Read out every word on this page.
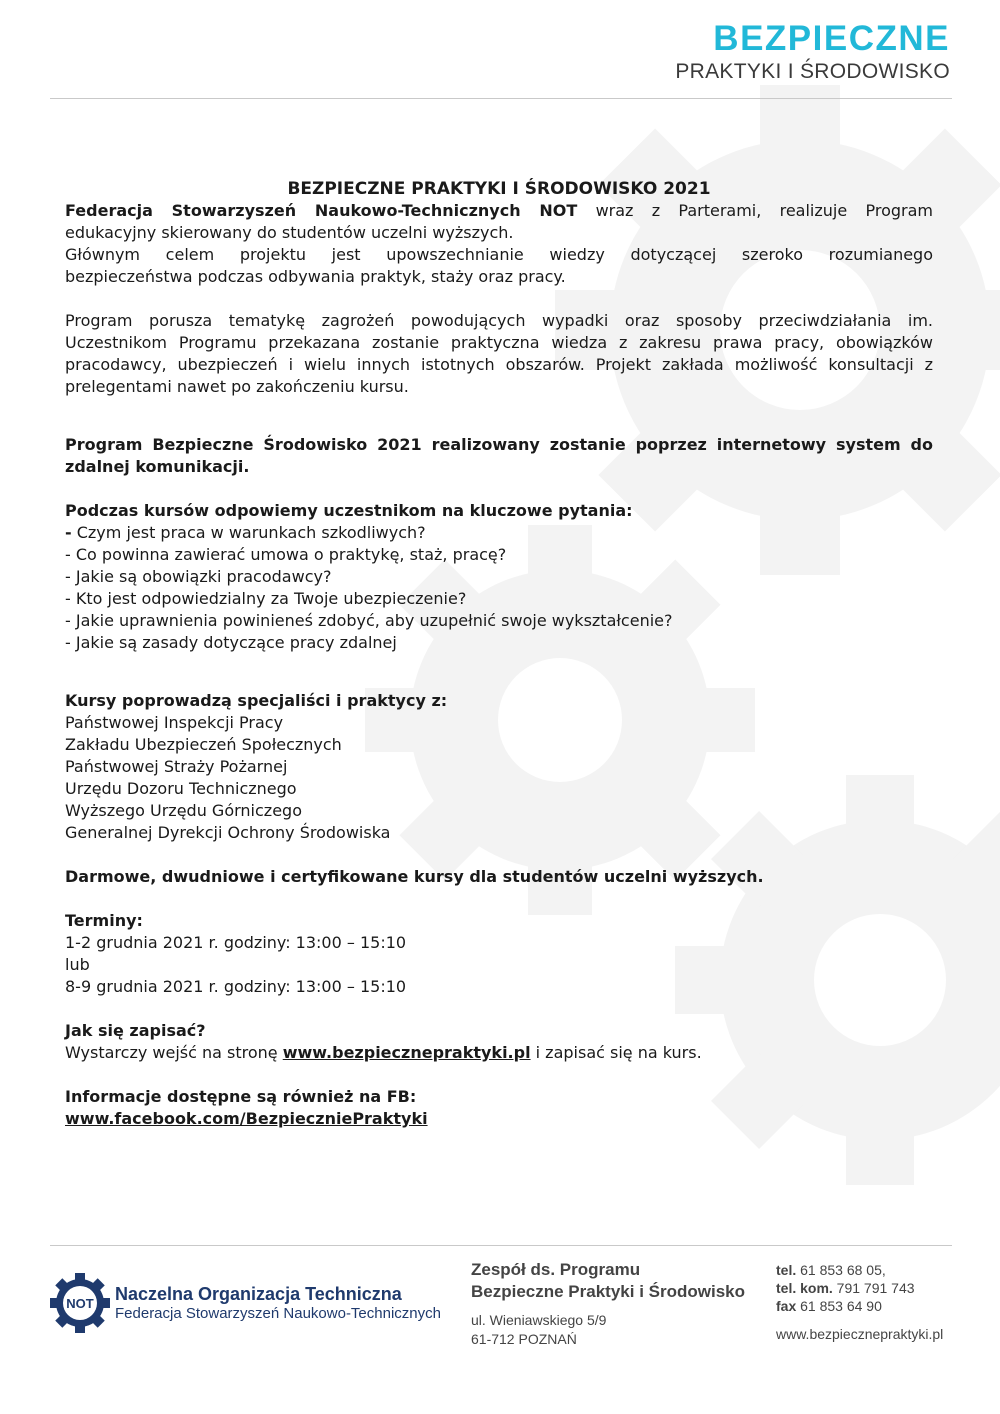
BEZPIECZNE
PRAKTYKI I ŚRODOWISKO

BEZPIECZNE PRAKTYKI I ŚRODOWISKO 2021

Federacja Stowarzyszeń Naukowo-Technicznych NOT wraz z Parterami, realizuje Program

edukacyjny skierowany do studentów uczelni wyższych.

Głównym celem projektu jest upowszechnianie wiedzy dotyczącej szeroko rozumianego

bezpieczeństwa podczas odbywania praktyk, staży oraz pracy.

Program porusza tematykę zagrożeń powodujących wypadki oraz sposoby przeciwdziałania im. Uczestnikom Programu przekazana zostanie praktyczna wiedza z zakresu prawa pracy, obowiązków pracodawcy, ubezpieczeń i wielu innych istotnych obszarów. Projekt zakłada możliwość konsultacji z prelegentami nawet po zakończeniu kursu.

Program Bezpieczne Środowisko 2021 realizowany zostanie poprzez internetowy system do zdalnej komunikacji.

Podczas kursów odpowiemy uczestnikom na kluczowe pytania:

- Czym jest praca w warunkach szkodliwych?

- Co powinna zawierać umowa o praktykę, staż, pracę?

- Jakie są obowiązki pracodawcy?

- Kto jest odpowiedzialny za Twoje ubezpieczenie?

- Jakie uprawnienia powinieneś zdobyć, aby uzupełnić swoje wykształcenie?

- Jakie są zasady dotyczące pracy zdalnej

Kursy poprowadzą specjaliści i praktycy z:

Państwowej Inspekcji Pracy

Zakładu Ubezpieczeń Społecznych

Państwowej Straży Pożarnej

Urzędu Dozoru Technicznego

Wyższego Urzędu Górniczego

Generalnej Dyrekcji Ochrony Środowiska

Darmowe, dwudniowe i certyfikowane kursy dla studentów uczelni wyższych.

Terminy:

1-2 grudnia 2021 r. godziny: 13:00 – 15:10

lub

8-9 grudnia 2021 r. godziny: 13:00 – 15:10

Jak się zapisać?

Wystarczy wejść na stronę www.bezpiecznepraktyki.pl i zapisać się na kurs.

Informacje dostępne są również na FB:

www.facebook.com/BezpieczniePraktyki

NOT Naczelna Organizacja Techniczna
Federacja Stowarzyszeń Naukowo-Technicznych
Zespół ds. Programu
Bezpieczne Praktyki i Środowisko
ul. Wieniawskiego 5/9
61-712 POZNAŃ
tel. 61 853 68 05,
tel. kom. 791 791 743
fax 61 853 64 90
www.bezpiecznepraktyki.pl
